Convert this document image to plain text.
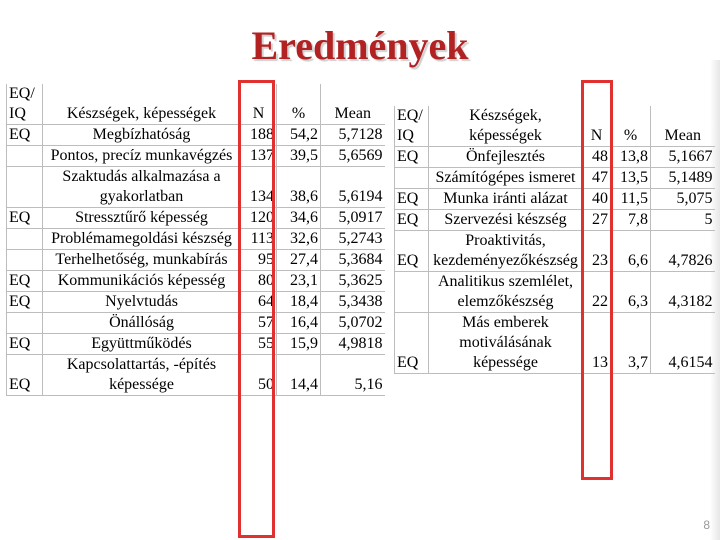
Eredmények
EQ/
IQ	Készségek, képességek	N	%	Mean
EQ	Megbízhatóság	188	54,2	5,7128
	Pontos, precíz munkavégzés	137	39,5	5,6569
	Szaktudás alkalmazása a gyakorlatban	134	38,6	5,6194
EQ	Stressztűrő képesség	120	34,6	5,0917
	Problémamegoldási készség	113	32,6	5,2743
	Terhelhetőség, munkabírás	95	27,4	5,3684
EQ	Kommunikációs képesség	80	23,1	5,3625
EQ	Nyelvtudás	64	18,4	5,3438
	Önállóság	57	16,4	5,0702
EQ	Együttműködés	55	15,9	4,9818
EQ	Kapcsolattartás, -építés képessége	50	14,4	5,16
EQ/
IQ	Készségek, képességek	N	%	Mean
EQ	Önfejlesztés	48	13,8	5,1667
	Számítógépes ismeret	47	13,5	5,1489
EQ	Munka iránti alázat	40	11,5	5,075
EQ	Szervezési készség	27	7,8	5
EQ	Proaktivitás, kezdeményezőkészség	23	6,6	4,7826
	Analitikus szemlélet, elemzőkészség	22	6,3	4,3182
EQ	Más emberek motiválásának képessége	13	3,7	4,6154
8
